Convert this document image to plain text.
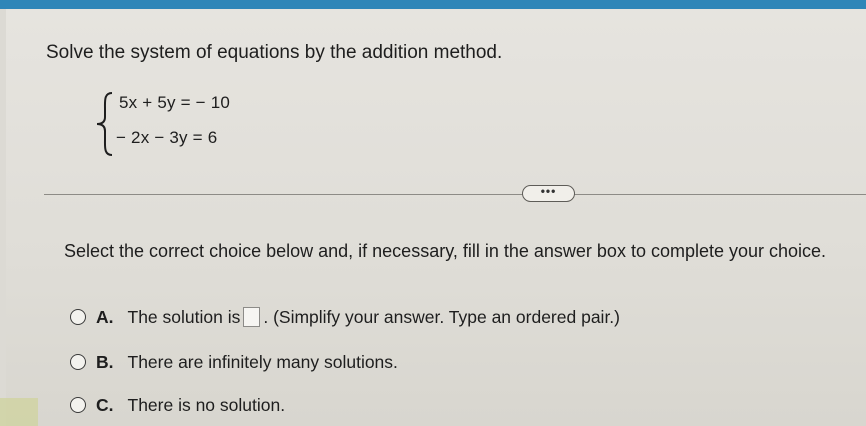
Solve the system of equations by the addition method.
5x + 5y = − 10
− 2x − 3y = 6
•••
Select the correct choice below and, if necessary, fill in the answer box to complete your choice.
A. The solution is . (Simplify your answer. Type an ordered pair.)
B. There are infinitely many solutions.
C. There is no solution.
